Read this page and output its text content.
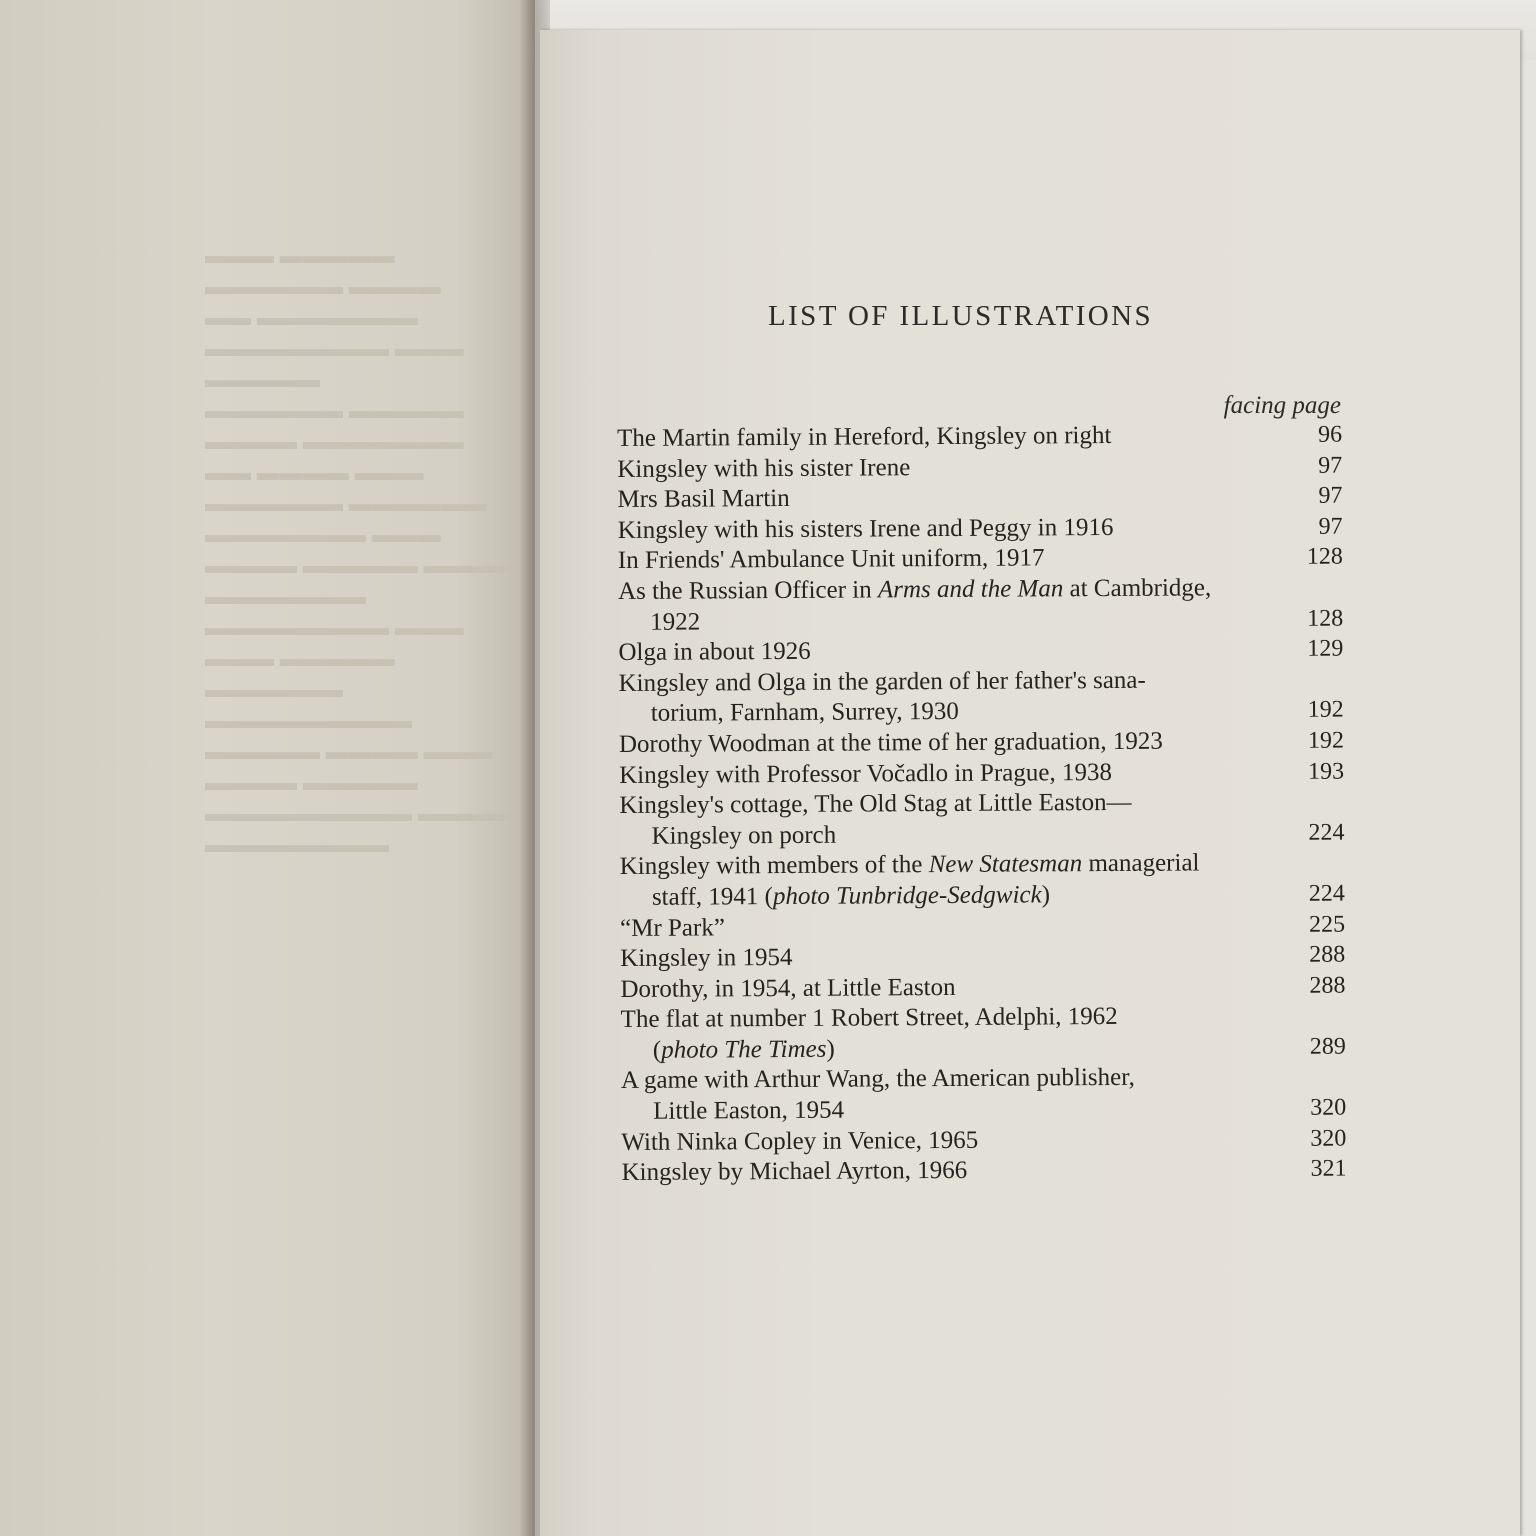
▬▬▬▬▬ ▬▬▬
▬▬▬▬ ▬▬▬▬▬▬
▬▬▬▬▬▬▬ ▬▬
▬▬▬ ▬▬▬▬▬▬▬▬ ▬▬▬▬▬
▬▬▬▬▬ ▬▬▬▬▬▬
▬▬▬▬▬▬▬ ▬▬▬▬
▬▬▬ ▬▬▬▬ ▬▬
▬▬▬▬▬▬ ▬▬▬▬▬▬
▬▬▬ ▬▬▬▬▬▬▬
▬▬▬▬ ▬▬▬▬▬ ▬▬▬▬
▬▬▬▬▬▬▬
▬▬▬ ▬▬▬▬▬▬▬▬
▬▬▬▬▬ ▬▬▬ ▬▬▬▬▬▬
▬▬▬▬▬▬▬▬▬
▬▬▬ ▬▬▬▬ ▬▬▬▬▬
▬▬▬▬▬ ▬▬▬▬
▬▬▬▬ ▬▬▬▬▬▬▬▬▬
▬▬▬▬▬▬▬▬
LIST OF ILLUSTRATIONS
facing page
The Martin family in Hereford, Kingsley on right	96
Kingsley with his sister Irene	97
Mrs Basil Martin	97
Kingsley with his sisters Irene and Peggy in 1916	97
In Friends' Ambulance Unit uniform, 1917	128
As the Russian Officer in Arms and the Man at Cambridge,
1922	128
Olga in about 1926	129
Kingsley and Olga in the garden of her father's sana-
torium, Farnham, Surrey, 1930	192
Dorothy Woodman at the time of her graduation, 1923	192
Kingsley with Professor Vočadlo in Prague, 1938	193
Kingsley's cottage, The Old Stag at Little Easton—
Kingsley on porch	224
Kingsley with members of the New Statesman managerial
staff, 1941 (photo Tunbridge-Sedgwick)	224
“Mr Park”	225
Kingsley in 1954	288
Dorothy, in 1954, at Little Easton	288
The flat at number 1 Robert Street, Adelphi, 1962
(photo The Times)	289
A game with Arthur Wang, the American publisher,
Little Easton, 1954	320
With Ninka Copley in Venice, 1965	320
Kingsley by Michael Ayrton, 1966	321
